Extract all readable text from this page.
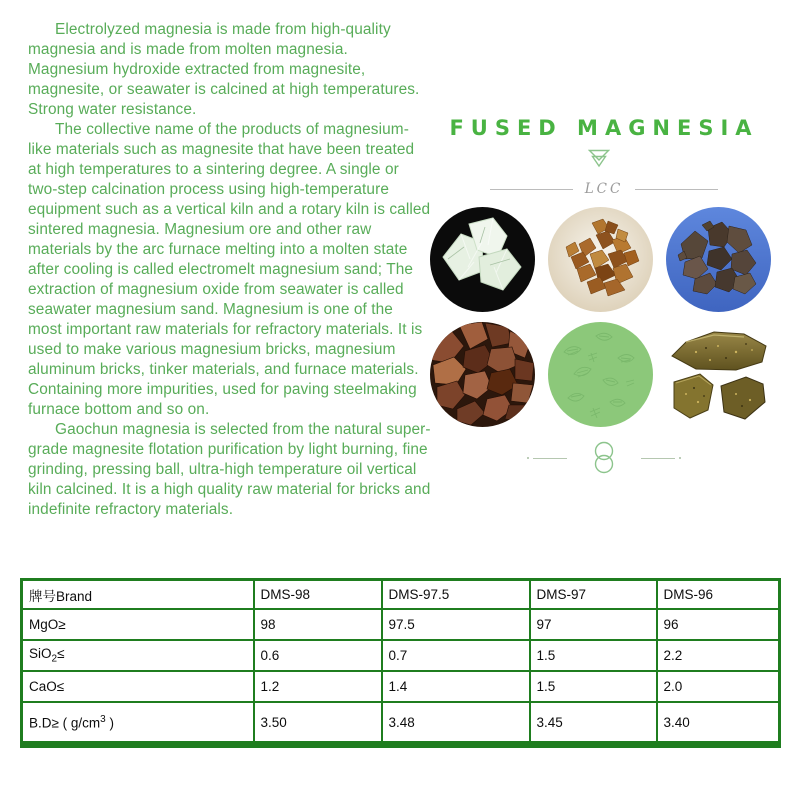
Electrolyzed magnesia is made from high-quality magnesia and is made from molten magnesia. Magnesium hydroxide extracted from magnesite, magnesite, or seawater is calcined at high temperatures. Strong water resistance.

The collective name of the products of magnesium-like materials such as magnesite that have been treated at high temperatures to a sintering degree. A single or two-step calcination process using high-temperature equipment such as a vertical kiln and a rotary kiln is called sintered magnesia. Magnesium ore and other raw materials by the arc furnace melting into a molten state after cooling is called electromelt magnesium sand; The extraction of magnesium oxide from seawater is called seawater magnesium sand. Magnesium is one of the most important raw materials for refractory materials. It is used to make various magnesium bricks, magnesium aluminum bricks, tinker materials, and furnace materials. Containing more impurities, used for paving steelmaking furnace bottom and so on.

Gaochun magnesia is selected from the natural super-grade magnesite flotation purification by light burning, fine grinding, pressing ball, ultra-high temperature oil vertical kiln calcined. It is a high quality raw material for bricks and indefinite refractory materials.

FUSED MAGNESIA
LCC
牌号Brand	DMS-98	DMS-97.5	DMS-97	DMS-96
MgO≥	98	97.5	97	96
SiO$_2$≤	0.6	0.7	1.5	2.2
CaO≤	1.2	1.4	1.5	2.0
B.D≥ ( $g/cm^3$ )	3.50	3.48	3.45	3.40
